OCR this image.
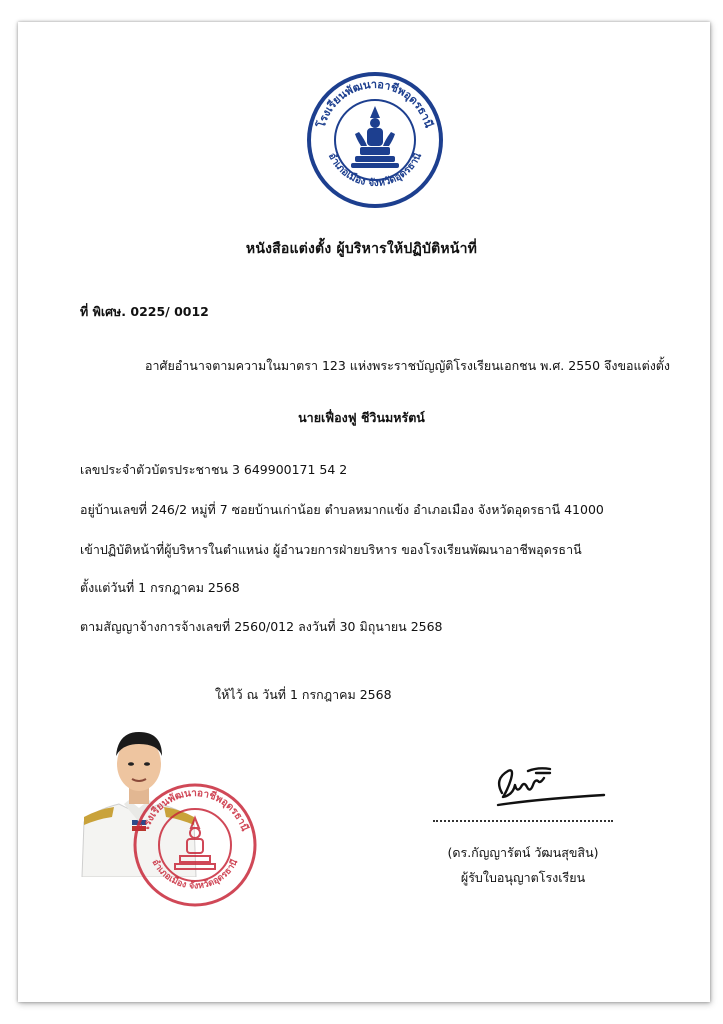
โรงเรียนพัฒนาอาชีพอุดรธานี
อำเภอเมือง จังหวัดอุดรธานี
หนังสือแต่งตั้ง ผู้บริหารให้ปฏิบัติหน้าที่
ที่ พิเศษ. 0225/ 0012
อาศัยอำนาจตามความในมาตรา 123 แห่งพระราชบัญญัติโรงเรียนเอกชน พ.ศ. 2550 จึงขอแต่งตั้ง
นายเฟื่องฟู ชีวินมหรัตน์
เลขประจำตัวบัตรประชาชน 3 649900171 54 2
อยู่บ้านเลขที่ 246/2 หมู่ที่ 7 ซอยบ้านเก่าน้อย ตำบลหมากแข้ง อำเภอเมือง จังหวัดอุดรธานี 41000
เข้าปฏิบัติหน้าที่ผู้บริหารในตำแหน่ง ผู้อำนวยการฝ่ายบริหาร ของโรงเรียนพัฒนาอาชีพอุดรธานี
ตั้งแต่วันที่ 1 กรกฎาคม 2568
ตามสัญญาจ้างการจ้างเลขที่ 2560/012 ลงวันที่ 30 มิถุนายน 2568
ให้ไว้ ณ วันที่ 1 กรกฎาคม 2568
โรงเรียนพัฒนาอาชีพอุดรธานี
อำเภอเมือง จังหวัดอุดรธานี
(ดร.กัญญารัตน์ วัฒนสุขสิน)
ผู้รับใบอนุญาตโรงเรียน
